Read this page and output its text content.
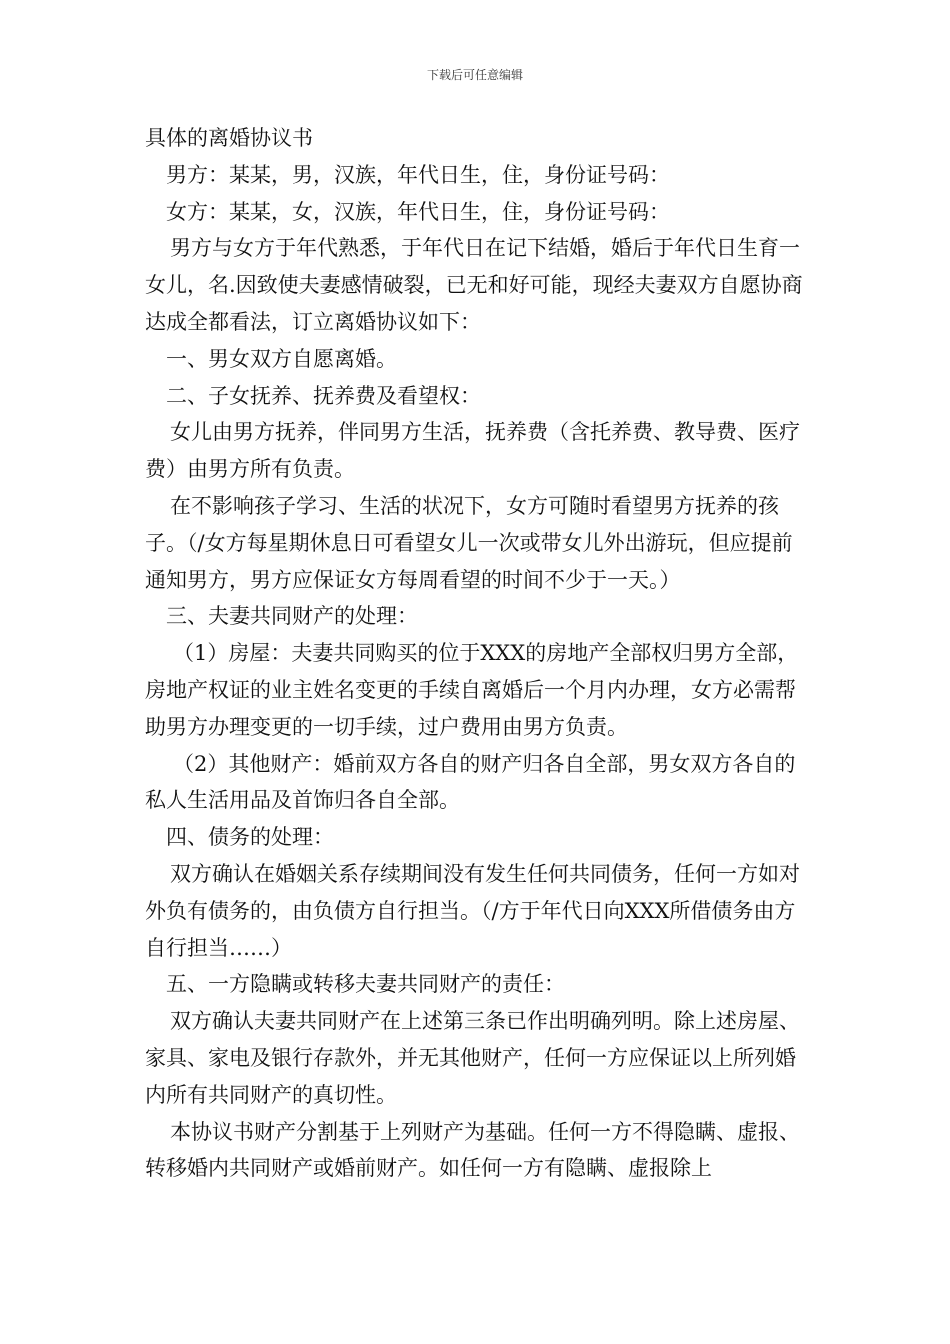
下载后可任意编辑

具体的离婚协议书

男方：某某，男，汉族，年代日生，住，身份证号码：

女方：某某，女，汉族，年代日生，住，身份证号码：

男方与女方于年代熟悉，于年代日在记下结婚，婚后于年代日生育一女儿，名.因致使夫妻感情破裂，已无和好可能，现经夫妻双方自愿协商达成全都看法，订立离婚协议如下：

一、男女双方自愿离婚。

二、子女抚养、抚养费及看望权：

女儿由男方抚养，伴同男方生活，抚养费（含托养费、教导费、医疗费）由男方所有负责。

在不影响孩子学习、生活的状况下，女方可随时看望男方抚养的孩子。（/女方每星期休息日可看望女儿一次或带女儿外出游玩，但应提前通知男方，男方应保证女方每周看望的时间不少于一天。）

三、夫妻共同财产的处理：

（1）房屋：夫妻共同购买的位于XXX的房地产全部权归男方全部，房地产权证的业主姓名变更的手续自离婚后一个月内办理，女方必需帮助男方办理变更的一切手续，过户费用由男方负责。

（2）其他财产：婚前双方各自的财产归各自全部，男女双方各自的私人生活用品及首饰归各自全部。

四、债务的处理：

双方确认在婚姻关系存续期间没有发生任何共同债务，任何一方如对外负有债务的，由负债方自行担当。（/方于年代日向XXX所借债务由方自行担当……）

五、一方隐瞒或转移夫妻共同财产的责任：

双方确认夫妻共同财产在上述第三条已作出明确列明。除上述房屋、家具、家电及银行存款外，并无其他财产，任何一方应保证以上所列婚内所有共同财产的真切性。

本协议书财产分割基于上列财产为基础。任何一方不得隐瞒、虚报、转移婚内共同财产或婚前财产。如任何一方有隐瞒、虚报除上
